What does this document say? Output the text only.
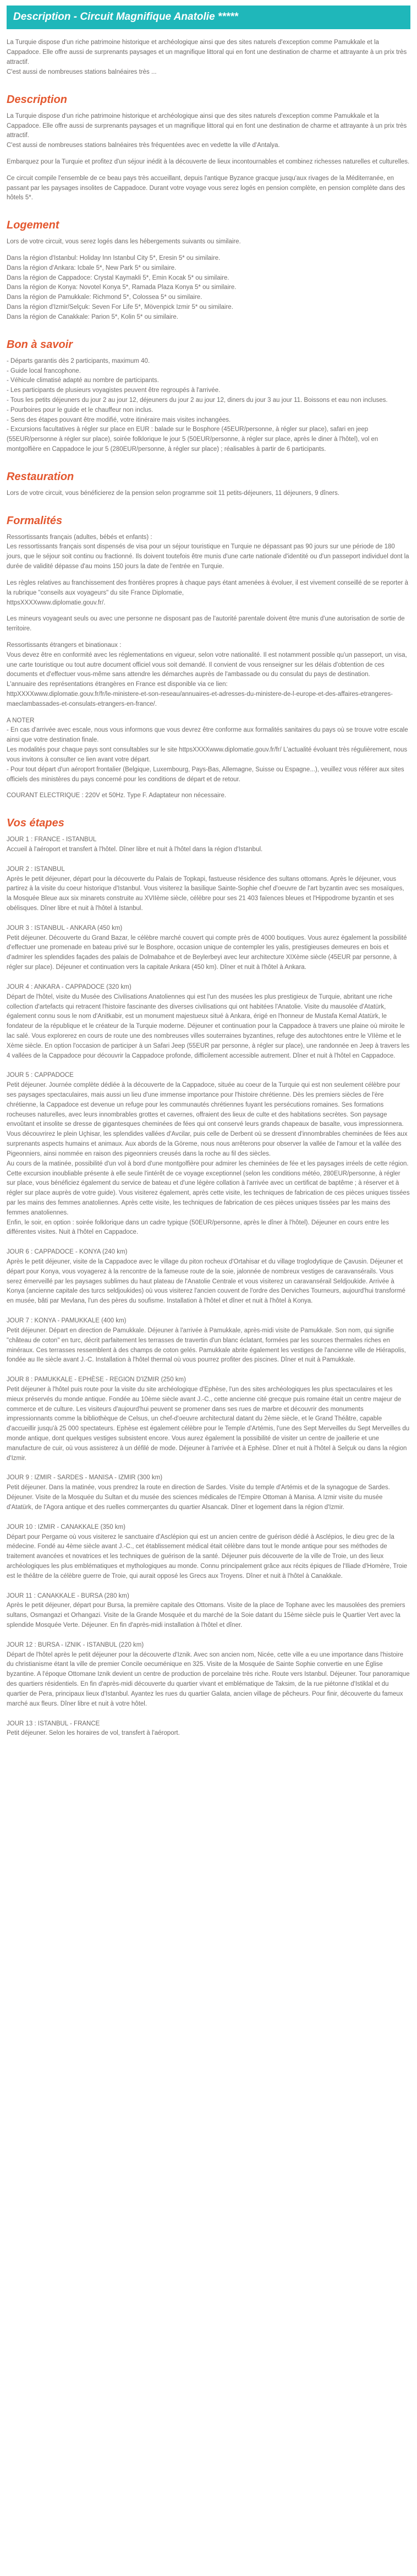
Description - Circuit Magnifique Anatolie *****

La Turquie dispose d'un riche patrimoine historique et archéologique ainsi que des sites naturels d'exception comme Pamukkale et la Cappadoce. Elle offre aussi de surprenants paysages et un magnifique littoral qui en font une destination de charme et attrayante à un prix très attractif.

C'est aussi de nombreuses stations balnéaires très ...

Description

La Turquie dispose d'un riche patrimoine historique et archéologique ainsi que des sites naturels d'exception comme Pamukkale et la Cappadoce. Elle offre aussi de surprenants paysages et un magnifique littoral qui en font une destination de charme et attrayante à un prix très attractif.
C'est aussi de nombreuses stations balnéaires très fréquentées avec en vedette la ville d'Antalya.

Embarquez pour la Turquie et profitez d'un séjour inédit à la découverte de lieux incontournables et combinez richesses naturelles et culturelles.

Ce circuit compile l'ensemble de ce beau pays très accueillant, depuis l'antique Byzance gracque jusqu'aux rivages de la Méditerranée, en passant par les paysages insolites de Cappadoce. Durant votre voyage vous serez logés en pension complète, en pension complète dans des hôtels 5*.

Logement

Lors de votre circuit, vous serez logés dans les hébergements suivants ou similaire.

Dans la région d'Istanbul: Holiday Inn Istanbul City 5*, Eresin 5* ou similaire.
Dans la région d'Ankara: Icbale 5*, New Park 5* ou similaire.
Dans la région de Cappadoce: Crystal Kaymakli 5*, Emin Kocak 5* ou similaire.
Dans la région de Konya: Novotel Konya 5*, Ramada Plaza Konya 5* ou similaire.
Dans la région de Pamukkale: Richmond 5*, Colossea 5* ou similaire.
Dans la région d'Izmir/Selçuk: Seven For Life 5*, Mövenpick Izmir 5* ou similaire.
Dans la région de Canakkale: Parion 5*, Kolin 5* ou similaire.
Bon à savoir
- Départs garantis dès 2 participants, maximum 40.
- Guide local francophone.
- Véhicule climatisé adapté au nombre de participants.
- Les participants de plusieurs voyagistes peuvent être regroupés à l'arrivée.
- Tous les petits déjeuners du jour 2 au jour 12, déjeuners du jour 2 au jour 12, diners du jour 3 au jour 11. Boissons et eau non incluses.
- Pourboires pour le guide et le chauffeur non inclus.
- Sens des étapes pouvant être modifié, votre itinéraire mais visites inchangées.
- Excursions facultatives à régler sur place en EUR : balade sur le Bosphore (45EUR/personne, à régler sur place), safari en jeep (55EUR/personne à régler sur place), soirée folklorique le jour 5 (50EUR/personne, à régler sur place, après le diner à l'hôtel), vol en montgolfière en Cappadoce le jour 5 (280EUR/personne, à régler sur place) ; réalisables à partir de 6 participants.
Restauration

Lors de votre circuit, vous bénéficierez de la pension selon programme soit 11 petits-déjeuners, 11 déjeuners, 9 dîners.

Formalités

Ressortissants français (adultes, bébés et enfants) :
Les ressortissants français sont dispensés de visa pour un séjour touristique en Turquie ne dépassant pas 90 jours sur une période de 180 jours, que le séjour soit continu ou fractionné. Ils doivent toutefois être munis d'une carte nationale d'identité ou d'un passeport individuel dont la durée de validité dépasse d'au moins 150 jours la date de l'entrée en Turquie.

Les règles relatives au franchissement des frontières propres à chaque pays étant amenées à évoluer, il est vivement conseillé de se reporter à la rubrique "conseils aux voyageurs" du site France Diplomatie,
httpsXXXXwww.diplomatie.gouv.fr/.

Les mineurs voyageant seuls ou avec une personne ne disposant pas de l'autorité parentale doivent être munis d'une autorisation de sortie de territoire.

Ressortissants étrangers et binationaux :
Vous devez être en conformité avec les réglementations en vigueur, selon votre nationalité. Il est notamment possible qu'un passeport, un visa, une carte touristique ou tout autre document officiel vous soit demandé. Il convient de vous renseigner sur les délais d'obtention de ces documents et d'effectuer vous-même sans attendre les démarches auprès de l'ambassade ou du consulat du pays de destination.
L'annuaire des représentations étrangères en France est disponible via ce lien:
httpXXXXwww.diplomatie.gouv.fr/fr/le-ministere-et-son-reseau/annuaires-et-adresses-du-ministere-de-l-europe-et-des-affaires-etrangeres-maeclambassades-et-consulats-etrangers-en-france/.

A NOTER
- En cas d'arrivée avec escale, nous vous informons que vous devrez être conforme aux formalités sanitaires du pays où se trouve votre escale ainsi que votre destination finale.
Les modalités pour chaque pays sont consultables sur le site httpsXXXXwww.diplomatie.gouv.fr/fr/ L'actualité évoluant très régulièrement, nous vous invitons à consulter ce lien avant votre départ.
- Pour tout départ d'un aéroport frontalier (Belgique, Luxembourg, Pays-Bas, Allemagne, Suisse ou Espagne...), veuillez vous référer aux sites officiels des ministères du pays concerné pour les conditions de départ et de retour.

COURANT ELECTRIQUE : 220V et 50Hz. Type F. Adaptateur non nécessaire.

Vos étapes
JOUR 1 : FRANCE - ISTANBUL
Accueil à l'aéroport et transfert à l'hôtel. Dîner libre et nuit à l'hôtel dans la région d'Istanbul.
JOUR 2 : ISTANBUL
Après le petit déjeuner, départ pour la découverte du Palais de Topkapi, fastueuse résidence des sultans ottomans. Après le déjeuner, vous partirez à la visite du coeur historique d'Istanbul. Vous visiterez la basilique Sainte-Sophie chef d'oeuvre de l'art byzantin avec ses mosaïques, la Mosquée Bleue aux six minarets construite au XVIIème siècle, célèbre pour ses 21 403 faïences bleues et l'Hippodrome byzantin et ses obélisques. Dîner libre et nuit à l'hôtel à Istanbul.
JOUR 3 : ISTANBUL - ANKARA (450 km)
Petit déjeuner. Découverte du Grand Bazar, le célèbre marché couvert qui compte près de 4000 boutiques. Vous aurez également la possibilité d'effectuer une promenade en bateau privé sur le Bosphore, occasion unique de contempler les yalis, prestigieuses demeures en bois et d'admirer les splendides façades des palais de Dolmabahce et de Beylerbeyi avec leur architecture XIXème siècle (45EUR par personne, à régler sur place). Déjeuner et continuation vers la capitale Ankara (450 km). Dîner et nuit à l'hôtel à Ankara.
JOUR 4 : ANKARA - CAPPADOCE (320 km)
Départ de l'hôtel, visite du Musée des Civilisations Anatoliennes qui est l'un des musées les plus prestigieux de Turquie, abritant une riche collection d'artefacts qui retracent l'histoire fascinante des diverses civilisations qui ont habitées l'Anatolie. Visite du mausolée d'Atatürk, également connu sous le nom d'Anitkabir, est un monument majestueux situé à Ankara, érigé en l'honneur de Mustafa Kemal Atatürk, le fondateur de la république et le créateur de la Turquie moderne. Déjeuner et continuation pour la Cappadoce à travers une plaine où miroite le lac salé. Vous explorerez en cours de route une des nombreuses villes souterraines byzantines, refuge des autochtones entre le VIIème et le Xème siècle. En option l'occasion de participer à un Safari Jeep (55EUR par personne, à régler sur place), une randonnée en Jeep à travers les 4 vallées de la Cappadoce pour découvrir la Cappadoce profonde, difficilement accessible autrement. Dîner et nuit à l'hôtel en Cappadoce.
JOUR 5 : CAPPADOCE
Petit déjeuner. Journée complète dédiée à la découverte de la Cappadoce, située au coeur de la Turquie qui est non seulement célèbre pour ses paysages spectaculaires, mais aussi un lieu d'une immense importance pour l'histoire chrétienne. Dès les premiers siècles de l'ère chrétienne, la Cappadoce est devenue un refuge pour les communautés chrétiennes fuyant les persécutions romaines. Ses formations rocheuses naturelles, avec leurs innombrables grottes et cavernes, offraient des lieux de culte et des habitations secrètes. Son paysage envoûtant et insolite se dresse de gigantesques cheminées de fées qui ont conservé leurs grands chapeaux de basalte, vous impressionnera. Vous découvrirez le plein Uçhisar, les splendides vallées d'Avcilar, puis celle de Derbent où se dressent d'innombrables cheminées de fées aux surprenants aspects humains et animaux. Aux abords de la Göreme, nous nous arrêterons pour observer la vallée de l'amour et la vallée des Pigeonniers, ainsi nommée en raison des pigeonniers creusés dans la roche au fil des siècles.
Au cours de la matinée, possibilité d'un vol à bord d'une montgolfière pour admirer les cheminées de fée et les paysages irréels de cette région. Cette excursion inoubliable présente à elle seule l'intérêt de ce voyage exceptionnel (selon les conditions météo, 280EUR/personne, à régler sur place, vous bénéficiez également du service de bateau et d'une légère collation à l'arrivée avec un certificat de baptême ; à réserver et à régler sur place auprès de votre guide). Vous visiterez également, après cette visite, les techniques de fabrication de ces pièces uniques tissées par les mains des femmes anatoliennes. Après cette visite, les techniques de fabrication de ces pièces uniques tissées par les mains des femmes anatoliennes.
Enfin, le soir, en option : soirée folklorique dans un cadre typique (50EUR/personne, après le dîner à l'hôtel). Déjeuner en cours entre les différentes visites. Nuit à l'hôtel en Cappadoce.
JOUR 6 : CAPPADOCE - KONYA (240 km)
Après le petit déjeuner, visite de la Cappadoce avec le village du piton rocheux d'Ortahisar et du village troglodytique de Çavusin. Déjeuner et départ pour Konya, vous voyagerez à la rencontre de la fameuse route de la soie, jalonnée de nombreux vestiges de caravansérails. Vous serez émerveillé par les paysages sublimes du haut plateau de l'Anatolie Centrale et vous visiterez un caravansérail Seldjoukide. Arrivée à Konya (ancienne capitale des turcs seldjoukides) où vous visiterez l'ancien couvent de l'ordre des Derviches Tourneurs, aujourd'hui transformé en musée, bâti par Mevlana, l'un des pères du soufisme. Installation à l'hôtel et dîner et nuit à l'hôtel à Konya.
JOUR 7 : KONYA - PAMUKKALE (400 km)
Petit déjeuner. Départ en direction de Pamukkale. Déjeuner à l'arrivée à Pamukkale, après-midi visite de Pamukkale. Son nom, qui signifie "château de coton" en turc, décrit parfaitement les terrasses de travertin d'un blanc éclatant, formées par les sources thermales riches en minéraux. Ces terrasses ressemblent à des champs de coton gelés. Pamukkale abrite également les vestiges de l'ancienne ville de Hiérapolis, fondée au IIe siècle avant J.-C. Installation à l'hôtel thermal où vous pourrez profiter des piscines. Dîner et nuit à Pamukkale.
JOUR 8 : PAMUKKALE - EPHÈSE - REGION D'IZMIR (250 km)
Petit déjeuner à l'hôtel puis route pour la visite du site archéologique d'Ephèse, l'un des sites archéologiques les plus spectaculaires et les mieux préservés du monde antique. Fondée au 10ème siècle avant J.-C., cette ancienne cité grecque puis romaine était un centre majeur de commerce et de culture. Les visiteurs d'aujourd'hui peuvent se promener dans ses rues de marbre et découvrir des monuments impressionnants comme la bibliothèque de Celsus, un chef-d'oeuvre architectural datant du 2ème siècle, et le Grand Théâtre, capable d'accueillir jusqu'à 25 000 spectateurs. Ephèse est également célèbre pour le Temple d'Artémis, l'une des Sept Merveilles du Sept Merveilles du monde antique, dont quelques vestiges subsistent encore. Vous aurez également la possibilité de visiter un centre de joaillerie et une manufacture de cuir, où vous assisterez à un défilé de mode. Déjeuner à l'arrivée et à Ephèse. Dîner et nuit à l'hôtel à Selçuk ou dans la région d'Izmir.
JOUR 9 : IZMIR - SARDES - MANISA - IZMIR (300 km)
Petit déjeuner. Dans la matinée, vous prendrez la route en direction de Sardes. Visite du temple d'Artémis et de la synagogue de Sardes. Déjeuner. Visite de la Mosquée du Sultan et du musée des sciences médicales de l'Empire Ottoman à Manisa. A Izmir visite du musée d'Atatürk, de l'Agora antique et des ruelles commerçantes du quartier Alsancak. Dîner et logement dans la région d'Izmir.
JOUR 10 : IZMIR - CANAKKALE (350 km)
Départ pour Pergame où vous visiterez le sanctuaire d'Asclépion qui est un ancien centre de guérison dédié à Asclépios, le dieu grec de la médecine. Fondé au 4ème siècle avant J.-C., cet établissement médical était célèbre dans tout le monde antique pour ses méthodes de traitement avancées et novatrices et les techniques de guérison de la santé. Déjeuner puis découverte de la ville de Troie, un des lieux archéologiques les plus emblématiques et mythologiques au monde. Connu principalement grâce aux récits épiques de l'Iliade d'Homère, Troie est le théâtre de la célèbre guerre de Troie, qui aurait opposé les Grecs aux Troyens. Dîner et nuit à l'hôtel à Canakkale.
JOUR 11 : CANAKKALE - BURSA (280 km)
Après le petit déjeuner, départ pour Bursa, la première capitale des Ottomans. Visite de la place de Tophane avec les mausolées des premiers sultans, Osmangazi et Orhangazi. Visite de la Grande Mosquée et du marché de la Soie datant du 15ème siècle puis le Quartier Vert avec la splendide Mosquée Verte. Déjeuner. En fin d'après-midi installation à l'hôtel et dîner.
JOUR 12 : BURSA - IZNIK - ISTANBUL (220 km)
Départ de l'hôtel après le petit déjeuner pour la découverte d'Iznik. Avec son ancien nom, Nicée, cette ville a eu une importance dans l'histoire du christianisme étant la ville de premier Concile oecuménique en 325. Visite de la Mosquée de Sainte Sophie convertie en une Église byzantine. A l'époque Ottomane Iznik devient un centre de production de porcelaine très riche. Route vers Istanbul. Déjeuner. Tour panoramique des quartiers résidentiels. En fin d'après-midi découverte du quartier vivant et emblématique de Taksim, de la rue piétonne d'Istiklal et du quartier de Pera, principaux lieux d'Istanbul. Ayantez les rues du quartier Galata, ancien village de pêcheurs. Pour finir, découverte du fameux marché aux fleurs. Dîner libre et nuit à votre hôtel.
JOUR 13 : ISTANBUL - FRANCE
Petit déjeuner. Selon les horaires de vol, transfert à l'aéroport.
